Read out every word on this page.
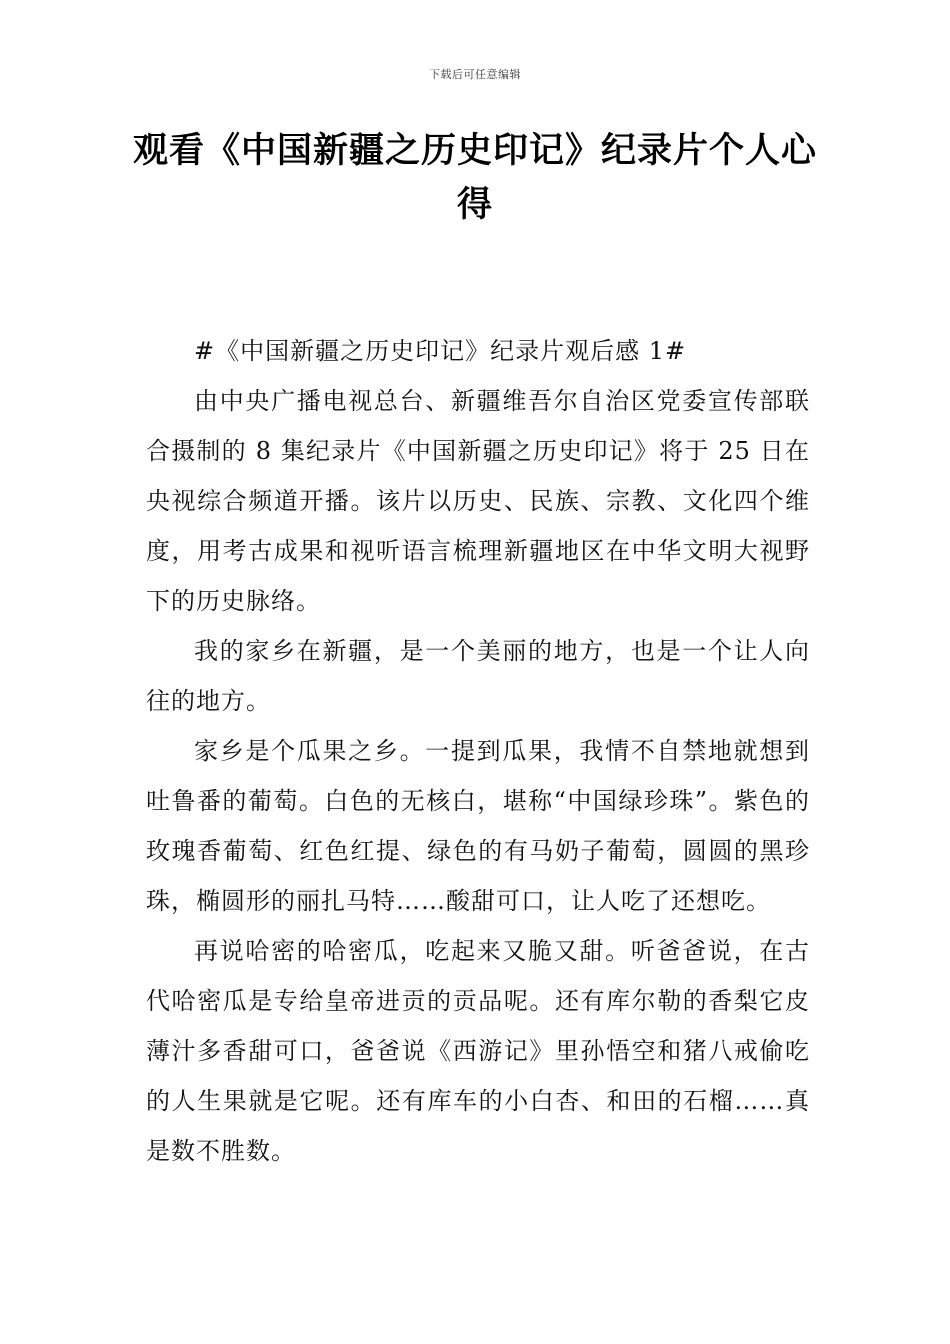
下载后可任意编辑
观看《中国新疆之历史印记》纪录片个人心得

#《中国新疆之历史印记》纪录片观后感 1#

由中央广播电视总台、新疆维吾尔自治区党委宣传部联合摄制的 8 集纪录片《中国新疆之历史印记》将于 25 日在央视综合频道开播。该片以历史、民族、宗教、文化四个维度，用考古成果和视听语言梳理新疆地区在中华文明大视野下的历史脉络。

我的家乡在新疆，是一个美丽的地方，也是一个让人向往的地方。

家乡是个瓜果之乡。一提到瓜果，我情不自禁地就想到吐鲁番的葡萄。白色的无核白，堪称“中国绿珍珠”。紫色的玫瑰香葡萄、红色红提、绿色的有马奶子葡萄，圆圆的黑珍珠，椭圆形的丽扎马特……酸甜可口，让人吃了还想吃。

再说哈密的哈密瓜，吃起来又脆又甜。听爸爸说，在古代哈密瓜是专给皇帝进贡的贡品呢。还有库尔勒的香梨它皮薄汁多香甜可口，爸爸说《西游记》里孙悟空和猪八戒偷吃的人生果就是它呢。还有库车的小白杏、和田的石榴……真是数不胜数。
